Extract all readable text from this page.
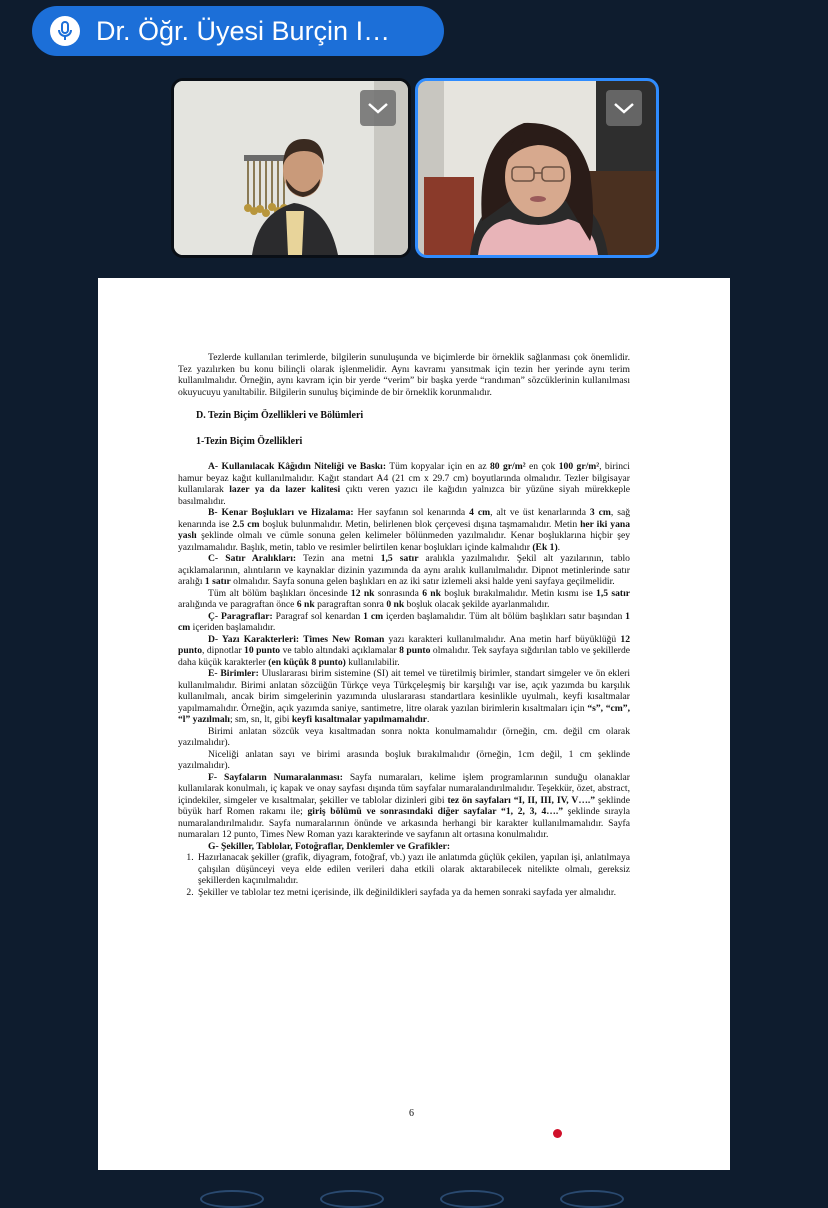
Dr. Öğr. Üyesi Burçin I…

Tezlerde kullanılan terimlerde, bilgilerin sunuluşunda ve biçimlerde bir örneklik sağlanması çok önemlidir. Tez yazılırken bu konu bilinçli olarak işlenmelidir. Aynı kavramı yansıtmak için tezin her yerinde aynı terim kullanılmalıdır. Örneğin, aynı kavram için bir yerde “verim” bir başka yerde “randıman” sözcüklerinin kullanılması okuyucuyu yanıltabilir. Bilgilerin sunuluş biçiminde de bir örneklik korunmalıdır.

D. Tezin Biçim Özellikleri ve Bölümleri

1-Tezin Biçim Özellikleri

A- Kullanılacak Kâğıdın Niteliği ve Baskı: Tüm kopyalar için en az 80 gr/m² en çok 100 gr/m², birinci hamur beyaz kağıt kullanılmalıdır. Kağıt standart A4 (21 cm x 29.7 cm) boyutlarında olmalıdır. Tezler bilgisayar kullanılarak lazer ya da lazer kalitesi çıktı veren yazıcı ile kağıdın yalnızca bir yüzüne siyah mürekkeple basılmalıdır.

B- Kenar Boşlukları ve Hizalama: Her sayfanın sol kenarında 4 cm, alt ve üst kenarlarında 3 cm, sağ kenarında ise 2.5 cm boşluk bulunmalıdır. Metin, belirlenen blok çerçevesi dışına taşmamalıdır. Metin her iki yana yaslı şeklinde olmalı ve cümle sonuna gelen kelimeler bölünmeden yazılmalıdır. Kenar boşluklarına hiçbir şey yazılmamalıdır. Başlık, metin, tablo ve resimler belirtilen kenar boşlukları içinde kalmalıdır (Ek 1).

C- Satır Aralıkları: Tezin ana metni 1,5 satır aralıkla yazılmalıdır. Şekil alt yazılarının, tablo açıklamalarının, alıntıların ve kaynaklar dizinin yazımında da aynı aralık kullanılmalıdır. Dipnot metinlerinde satır aralığı 1 satır olmalıdır. Sayfa sonuna gelen başlıkları en az iki satır izlemeli aksi halde yeni sayfaya geçilmelidir.

Tüm alt bölüm başlıkları öncesinde 12 nk sonrasında 6 nk boşluk bırakılmalıdır. Metin kısmı ise 1,5 satır aralığında ve paragraftan önce 6 nk paragraftan sonra 0 nk boşluk olacak şekilde ayarlanmalıdır.

Ç- Paragraflar: Paragraf sol kenardan 1 cm içerden başlamalıdır. Tüm alt bölüm başlıkları satır başından 1 cm içeriden başlamalıdır.

D- Yazı Karakterleri: Times New Roman yazı karakteri kullanılmalıdır. Ana metin harf büyüklüğü 12 punto, dipnotlar 10 punto ve tablo altındaki açıklamalar 8 punto olmalıdır. Tek sayfaya sığdırılan tablo ve şekillerde daha küçük karakterler (en küçük 8 punto) kullanılabilir.

E- Birimler: Uluslararası birim sistemine (SI) ait temel ve türetilmiş birimler, standart simgeler ve ön ekleri kullanılmalıdır. Birimi anlatan sözcüğün Türkçe veya Türkçeleşmiş bir karşılığı var ise, açık yazımda bu karşılık kullanılmalı, ancak birim simgelerinin yazımında uluslararası standartlara kesinlikle uyulmalı, keyfi kısaltmalar yapılmamalıdır. Örneğin, açık yazımda saniye, santimetre, litre olarak yazılan birimlerin kısaltmaları için “s”, “cm”, “l” yazılmalı; sm, sn, lt, gibi keyfi kısaltmalar yapılmamalıdır.

Birimi anlatan sözcük veya kısaltmadan sonra nokta konulmamalıdır (örneğin, cm. değil cm olarak yazılmalıdır).

Niceliği anlatan sayı ve birimi arasında boşluk bırakılmalıdır (örneğin, 1cm değil, 1 cm şeklinde yazılmalıdır).

F- Sayfaların Numaralanması: Sayfa numaraları, kelime işlem programlarının sunduğu olanaklar kullanılarak konulmalı, iç kapak ve onay sayfası dışında tüm sayfalar numaralandırılmalıdır. Teşekkür, özet, abstract, içindekiler, simgeler ve kısaltmalar, şekiller ve tablolar dizinleri gibi tez ön sayfaları “I, II, III, IV, V….” şeklinde büyük harf Romen rakamı ile; giriş bölümü ve sonrasındaki diğer sayfalar “1, 2, 3, 4….” şeklinde sırayla numaralandırılmalıdır. Sayfa numaralarının önünde ve arkasında herhangi bir karakter kullanılmamalıdır. Sayfa numaraları 12 punto, Times New Roman yazı karakterinde ve sayfanın alt ortasına konulmalıdır.

G- Şekiller, Tablolar, Fotoğraflar, Denklemler ve Grafikler:

1. Hazırlanacak şekiller (grafik, diyagram, fotoğraf, vb.) yazı ile anlatımda güçlük çekilen, yapılan işi, anlatılmaya çalışılan düşünceyi veya elde edilen verileri daha etkili olarak aktarabilecek nitelikte olmalı, gereksiz şekillerden kaçınılmalıdır.
2. Şekiller ve tablolar tez metni içerisinde, ilk değinildikleri sayfada ya da hemen sonraki sayfada yer almalıdır.
6
